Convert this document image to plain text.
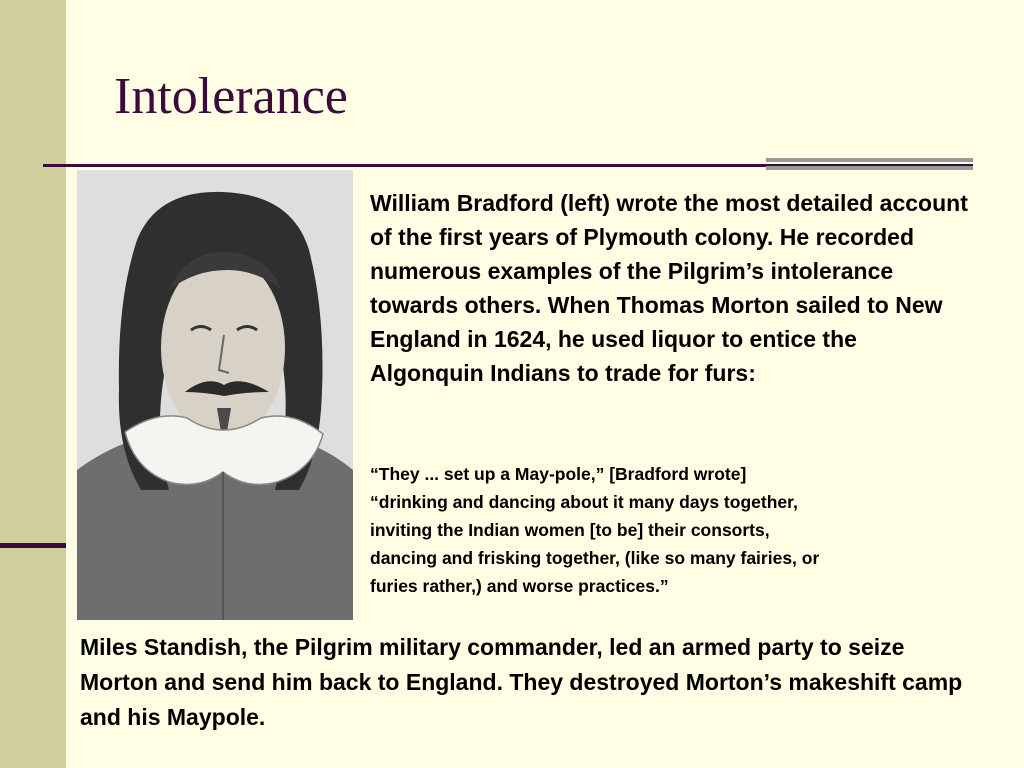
Intolerance

William Bradford (left) wrote the most detailed account of the first years of Plymouth colony. He recorded numerous examples of the Pilgrim’s intolerance towards others. When Thomas Morton sailed to New England in 1624, he used liquor to entice the Algonquin Indians to trade for furs:

“They ... set up a May-pole,” [Bradford wrote]
“drinking and dancing about it many days together,
inviting the Indian women [to be] their consorts,
dancing and frisking together, (like so many fairies, or
furies rather,) and worse practices.”

Miles Standish, the Pilgrim military commander, led an armed party to seize Morton and send him back to England. They destroyed Morton’s makeshift camp and his Maypole.
